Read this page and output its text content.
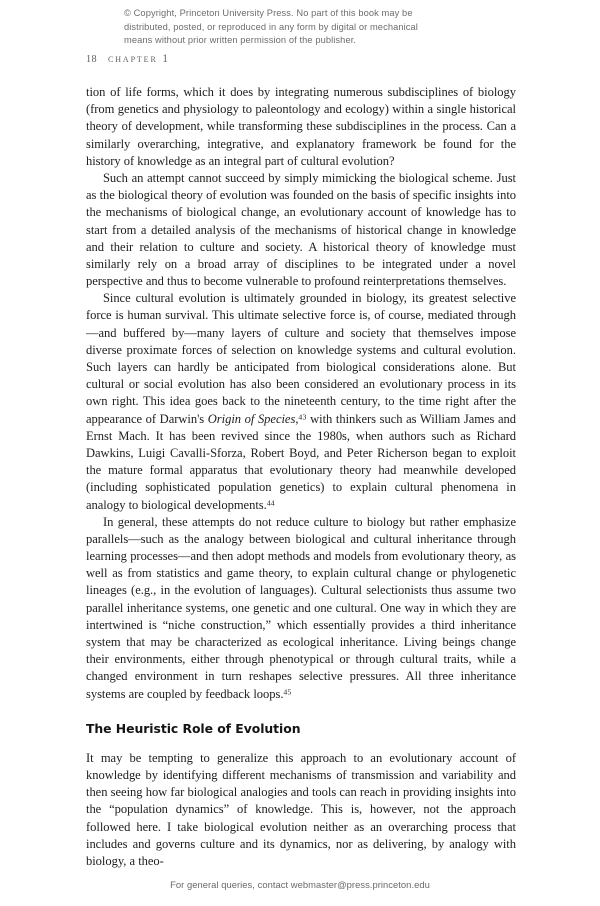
© Copyright, Princeton University Press. No part of this book may be
distributed, posted, or reproduced in any form by digital or mechanical
means without prior written permission of the publisher.
18 chapter 1

tion of life forms, which it does by integrating numerous subdisciplines of biology (from genetics and physiology to paleontology and ecology) within a single historical theory of development, while transforming these subdisciplines in the process. Can a similarly overarching, integrative, and explanatory framework be found for the history of knowledge as an integral part of cultural evolution?

Such an attempt cannot succeed by simply mimicking the biological scheme. Just as the biological theory of evolution was founded on the basis of specific insights into the mechanisms of biological change, an evolutionary account of knowledge has to start from a detailed analysis of the mechanisms of historical change in knowledge and their relation to culture and society. A historical theory of knowledge must similarly rely on a broad array of disciplines to be integrated under a novel perspective and thus to become vulnerable to profound reinterpretations themselves.

Since cultural evolution is ultimately grounded in biology, its greatest selective force is human survival. This ultimate selective force is, of course, mediated through—and buffered by—many layers of culture and society that themselves impose diverse proximate forces of selection on knowledge systems and cultural evolution. Such layers can hardly be anticipated from biological considerations alone. But cultural or social evolution has also been considered an evolutionary process in its own right. This idea goes back to the nineteenth century, to the time right after the appearance of Darwin's Origin of Species,$^{43}$ with thinkers such as William James and Ernst Mach. It has been revived since the 1980s, when authors such as Richard Dawkins, Luigi Cavalli-Sforza, Robert Boyd, and Peter Richerson began to exploit the mature formal apparatus that evolutionary theory had meanwhile developed (including sophisticated population genetics) to explain cultural phenomena in analogy to biological developments.$^{44}$

In general, these attempts do not reduce culture to biology but rather emphasize parallels—such as the analogy between biological and cultural inheritance through learning processes—and then adopt methods and models from evolutionary theory, as well as from statistics and game theory, to explain cultural change or phylogenetic lineages (e.g., in the evolution of languages). Cultural selectionists thus assume two parallel inheritance systems, one genetic and one cultural. One way in which they are intertwined is “niche construction,” which essentially provides a third inheritance system that may be characterized as ecological inheritance. Living beings change their environments, either through phenotypical or through cultural traits, while a changed environment in turn reshapes selective pressures. All three inheritance systems are coupled by feedback loops.$^{45}$

The Heuristic Role of Evolution

It may be tempting to generalize this approach to an evolutionary account of knowledge by identifying different mechanisms of transmission and variability and then seeing how far biological analogies and tools can reach in providing insights into the “population dynamics” of knowledge. This is, however, not the approach followed here. I take biological evolution neither as an overarching process that includes and governs culture and its dynamics, nor as delivering, by analogy with biology, a theo-

For general queries, contact webmaster@press.princeton.edu
